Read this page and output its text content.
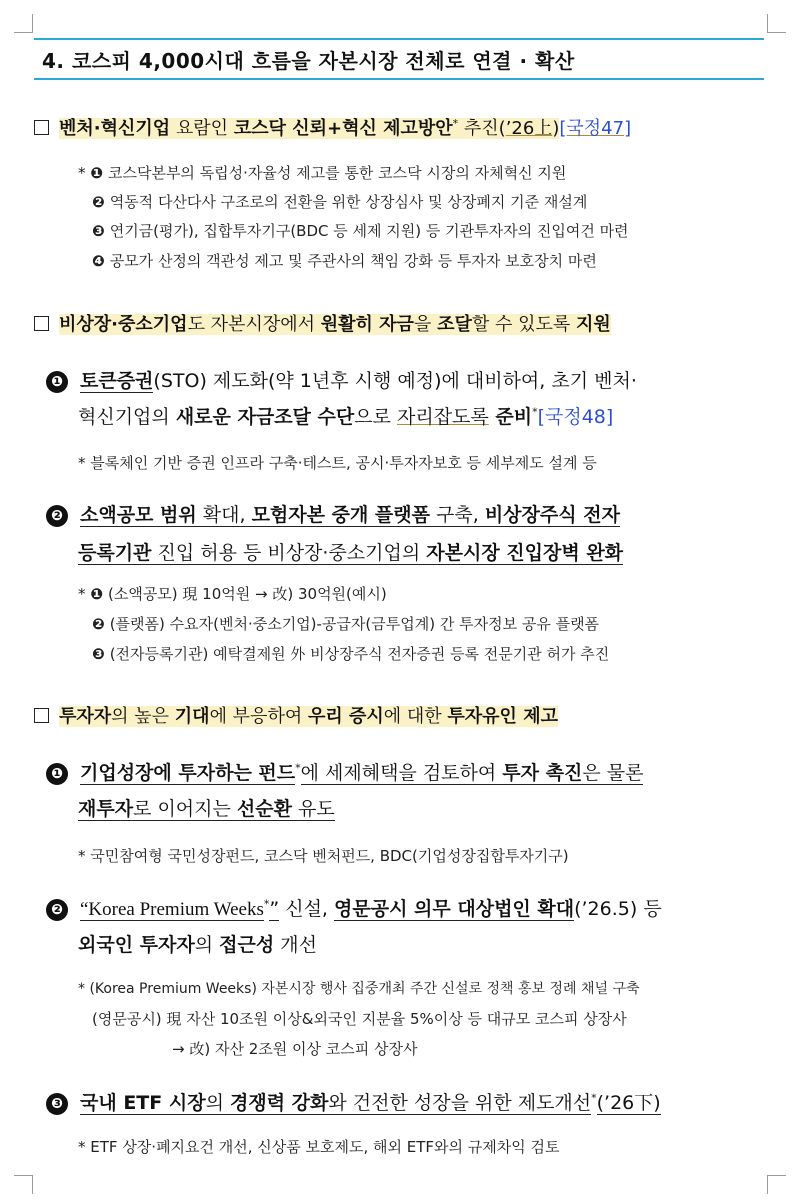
4. 코스피 4,000시대 흐름을 자본시장 전체로 연결 · 확산
벤처·혁신기업 요람인 코스닥 신뢰+혁신 제고방안* 추진(’26上)[국정47]
* ❶ 코스닥본부의 독립성·자율성 제고를 통한 코스닥 시장의 자체혁신 지원
❷ 역동적 다산다사 구조로의 전환을 위한 상장심사 및 상장폐지 기준 재설계
❸ 연기금(평가), 집합투자기구(BDC 등 세제 지원) 등 기관투자자의 진입여건 마련
❹ 공모가 산정의 객관성 제고 및 주관사의 책임 강화 등 투자자 보호장치 마련
비상장·중소기업도 자본시장에서 원활히 자금을 조달할 수 있도록 지원
❶ 토큰증권(STO) 제도화(약 1년후 시행 예정)에 대비하여, 초기 벤처·
혁신기업의 새로운 자금조달 수단으로 자리잡도록 준비*[국정48]
* 블록체인 기반 증권 인프라 구축·테스트, 공시·투자자보호 등 세부제도 설계 등
❷ 소액공모 범위 확대, 모험자본 중개 플랫폼 구축, 비상장주식 전자
등록기관 진입 허용 등 비상장·중소기업의 자본시장 진입장벽 완화
* ❶ (소액공모) 現 10억원 → 改) 30억원(예시)
❷ (플랫폼) 수요자(벤처·중소기업)-공급자(금투업계) 간 투자정보 공유 플랫폼
❸ (전자등록기관) 예탁결제원 外 비상장주식 전자증권 등록 전문기관 허가 추진
투자자의 높은 기대에 부응하여 우리 증시에 대한 투자유인 제고
❶ 기업성장에 투자하는 펀드*에 세제혜택을 검토하여 투자 촉진은 물론
재투자로 이어지는 선순환 유도
* 국민참여형 국민성장펀드, 코스닥 벤처펀드, BDC(기업성장집합투자기구)
❷ “Korea Premium Weeks*” 신설, 영문공시 의무 대상법인 확대(’26.5) 등
외국인 투자자의 접근성 개선
* (Korea Premium Weeks) 자본시장 행사 집중개최 주간 신설로 정책 홍보 정례 채널 구축
(영문공시) 現 자산 10조원 이상&외국인 지분율 5%이상 등 대규모 코스피 상장사
→ 改) 자산 2조원 이상 코스피 상장사
❸ 국내 ETF 시장의 경쟁력 강화와 건전한 성장을 위한 제도개선*(’26下)
* ETF 상장·폐지요건 개선, 신상품 보호제도, 해외 ETF와의 규제차익 검토
